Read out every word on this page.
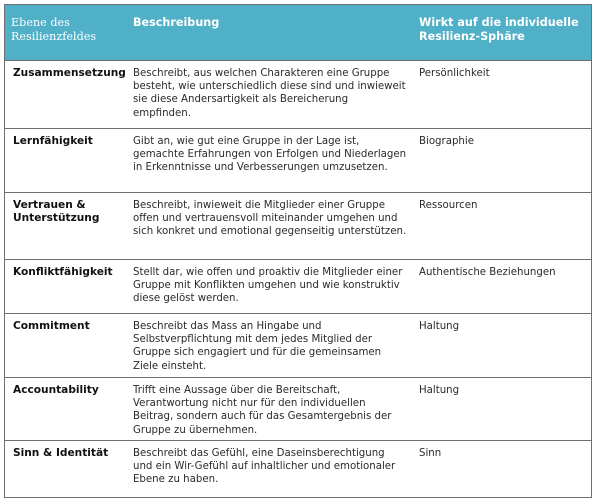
Ebene des Resilienzfeldes	Beschreibung	Wirkt auf die individuelle Resilienz-Sphäre
Zusammensetzung	Beschreibt, aus welchen Charakteren eine Gruppe besteht, wie unterschiedlich diese sind und inwieweit sie diese Andersartigkeit als Bereicherung empfinden.	Persönlichkeit
Lernfähigkeit	Gibt an, wie gut eine Gruppe in der Lage ist, gemachte Erfahrungen von Erfolgen und Niederlagen in Erkenntnisse und Verbesserungen umzusetzen.	Biographie
Vertrauen & Unterstützung	Beschreibt, inwieweit die Mitglieder einer Gruppe offen und vertrauensvoll miteinander umgehen und sich konkret und emotional gegenseitig unterstützen.	Ressourcen
Konfliktfähigkeit	Stellt dar, wie offen und proaktiv die Mitglieder einer Gruppe mit Konflikten umgehen und wie konstruktiv diese gelöst werden.	Authentische Beziehungen
Commitment	Beschreibt das Mass an Hingabe und Selbstverpflichtung mit dem jedes Mitglied der Gruppe sich engagiert und für die gemeinsamen Ziele einsteht.	Haltung
Accountability	Trifft eine Aussage über die Bereitschaft, Verantwortung nicht nur für den individuellen Beitrag, sondern auch für das Gesamtergebnis der Gruppe zu übernehmen.	Haltung
Sinn & Identität	Beschreibt das Gefühl, eine Daseinsberechtigung und ein Wir-Gefühl auf inhaltlicher und emotionaler Ebene zu haben.	Sinn
